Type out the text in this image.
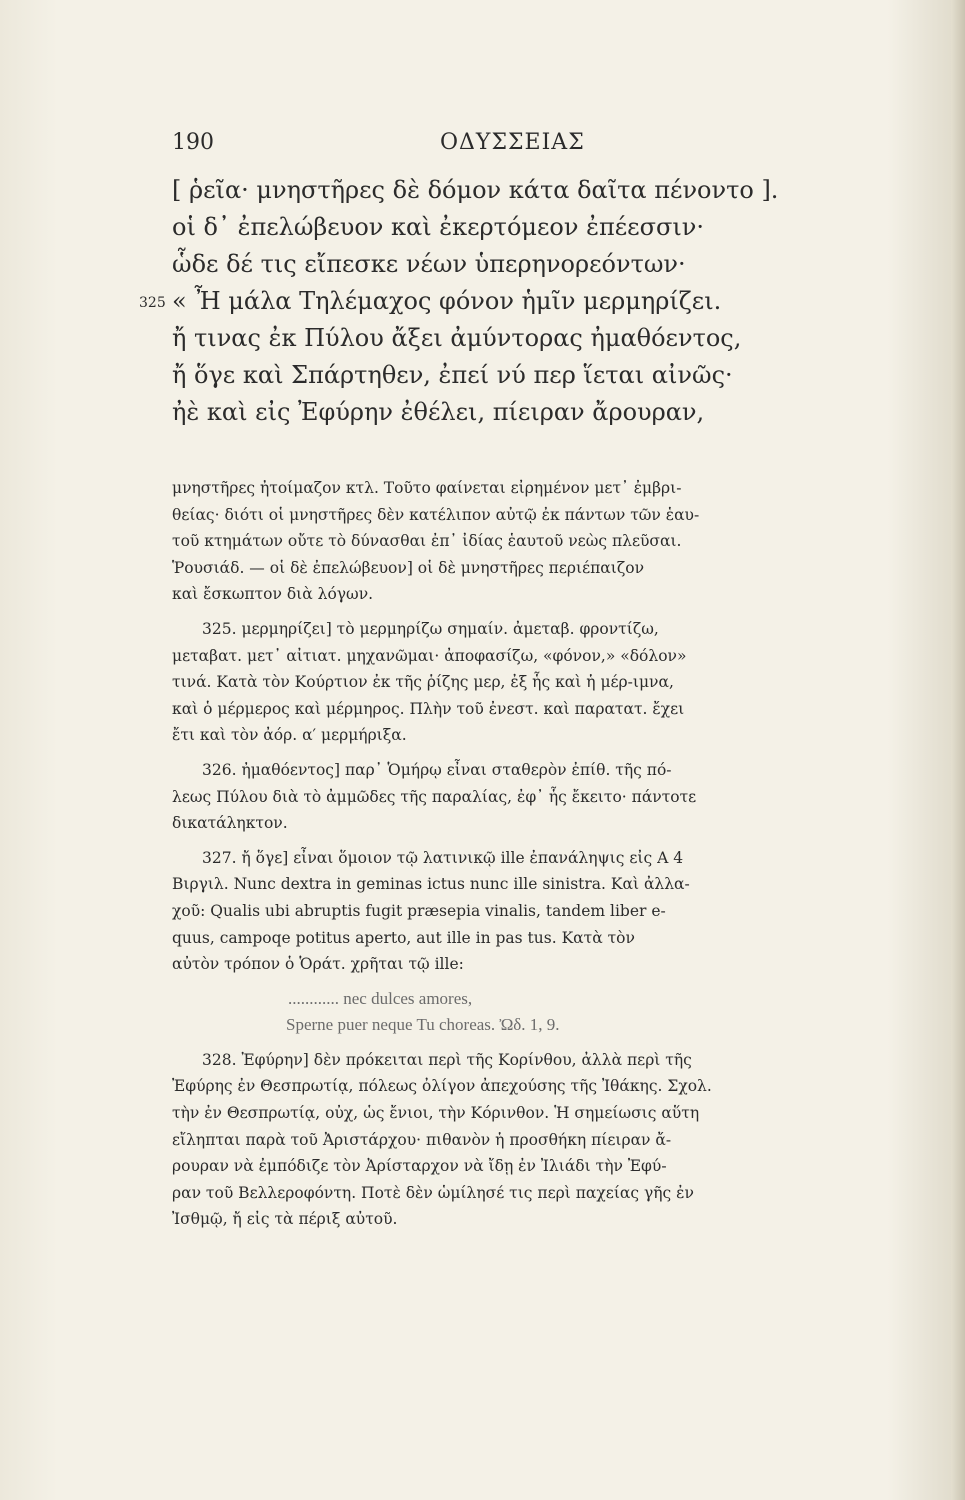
190	ΟΔΥΣΣΕΙΑΣ
[ ῥεῖα· μνηστῆρες δὲ δόμον κάτα δαῖτα πένοντο ].
οἱ δ᾽ ἐπελώβευον καὶ ἐκερτόμεον ἐπέεσσιν·
ὧδε δέ τις εἴπεσκε νέων ὑπερηνορεόντων·
325 « Ἦ μάλα Τηλέμαχος φόνον ἡμῖν μερμηρίζει.
ἤ τινας ἐκ Πύλου ἄξει ἀμύντορας ἠμαθόεντος,
ἤ ὅγε καὶ Σπάρτηθεν, ἐπεί νύ περ ἵεται αἰνῶς·
ἠὲ καὶ εἰς Ἐφύρην ἐθέλει, πίειραν ἄρουραν,
μνηστῆρες ἠτοίμαζον κτλ. Τοῦτο φαίνεται εἰρημένον μετ᾽ ἐμβρι-
θείας· διότι οἱ μνηστῆρες δὲν κατέλιπον αὐτῷ ἐκ πάντων τῶν ἑαυ-
τοῦ κτημάτων οὔτε τὸ δύνασθαι ἐπ᾽ ἰδίας ἑαυτοῦ νεὼς πλεῦσαι.
Ῥουσιάδ. — οἱ δὲ ἐπελώβευον] οἱ δὲ μνηστῆρες περιέπαιζον
καὶ ἔσκωπτον διὰ λόγων.
325. μερμηρίζει] τὸ μερμηρίζω σημαίν. ἀμεταβ. φροντίζω,
μεταβατ. μετ᾽ αἰτιατ. μηχανῶμαι· ἀποφασίζω, «φόνον,» «δόλον»
τινά. Κατὰ τὸν Κούρτιον ἐκ τῆς ῥίζης μερ, ἐξ ἧς καὶ ἡ μέρ-ιμνα,
καὶ ὁ μέρμερος καὶ μέρμηρος. Πλὴν τοῦ ἐνεστ. καὶ παρατατ. ἔχει
ἔτι καὶ τὸν ἀόρ. α′ μερμήριξα.
326. ἠμαθόεντος] παρ᾽ Ὁμήρῳ εἶναι σταθερὸν ἐπίθ. τῆς πό-
λεως Πύλου διὰ τὸ ἀμμῶδες τῆς παραλίας, ἐφ᾽ ἧς ἔκειτο· πάντοτε
δικατάληκτον.
327. ἤ ὅγε] εἶναι ὅμοιον τῷ λατινικῷ ille ἐπανάληψις εἰς Α 4
Βιργιλ. Nunc dextra in geminas ictus nunc ille sinistra. Καὶ ἀλλα-
χοῦ: Qualis ubi abruptis fugit præsepia vinalis, tandem liber e-
quus, campoqe potitus aperto, aut ille in pas tus. Κατὰ τὸν
αὐτὸν τρόπον ὁ Ὁράτ. χρῆται τῷ ille:
............ nec dulces amores,
Sperne puer neque Tu choreas. Ὠδ. 1, 9.
328. Ἐφύρην] δὲν πρόκειται περὶ τῆς Κορίνθου, ἀλλὰ περὶ τῆς
Ἐφύρης ἐν Θεσπρωτίᾳ, πόλεως ὀλίγον ἀπεχούσης τῆς Ἰθάκης. Σχολ.
τὴν ἐν Θεσπρωτίᾳ, οὐχ, ὡς ἔνιοι, τὴν Κόρινθον. Ἡ σημείωσις αὕτη
εἴληπται παρὰ τοῦ Ἀριστάρχου· πιθανὸν ἡ προσθήκη πίειραν ἄ-
ρουραν νὰ ἐμπόδιζε τὸν Ἀρίσταρχον νὰ ἴδῃ ἐν Ἰλιάδι τὴν Ἐφύ-
ραν τοῦ Βελλεροφόντη. Ποτὲ δὲν ὡμίλησέ τις περὶ παχείας γῆς ἐν
Ἰσθμῷ, ἤ εἰς τὰ πέριξ αὐτοῦ.
